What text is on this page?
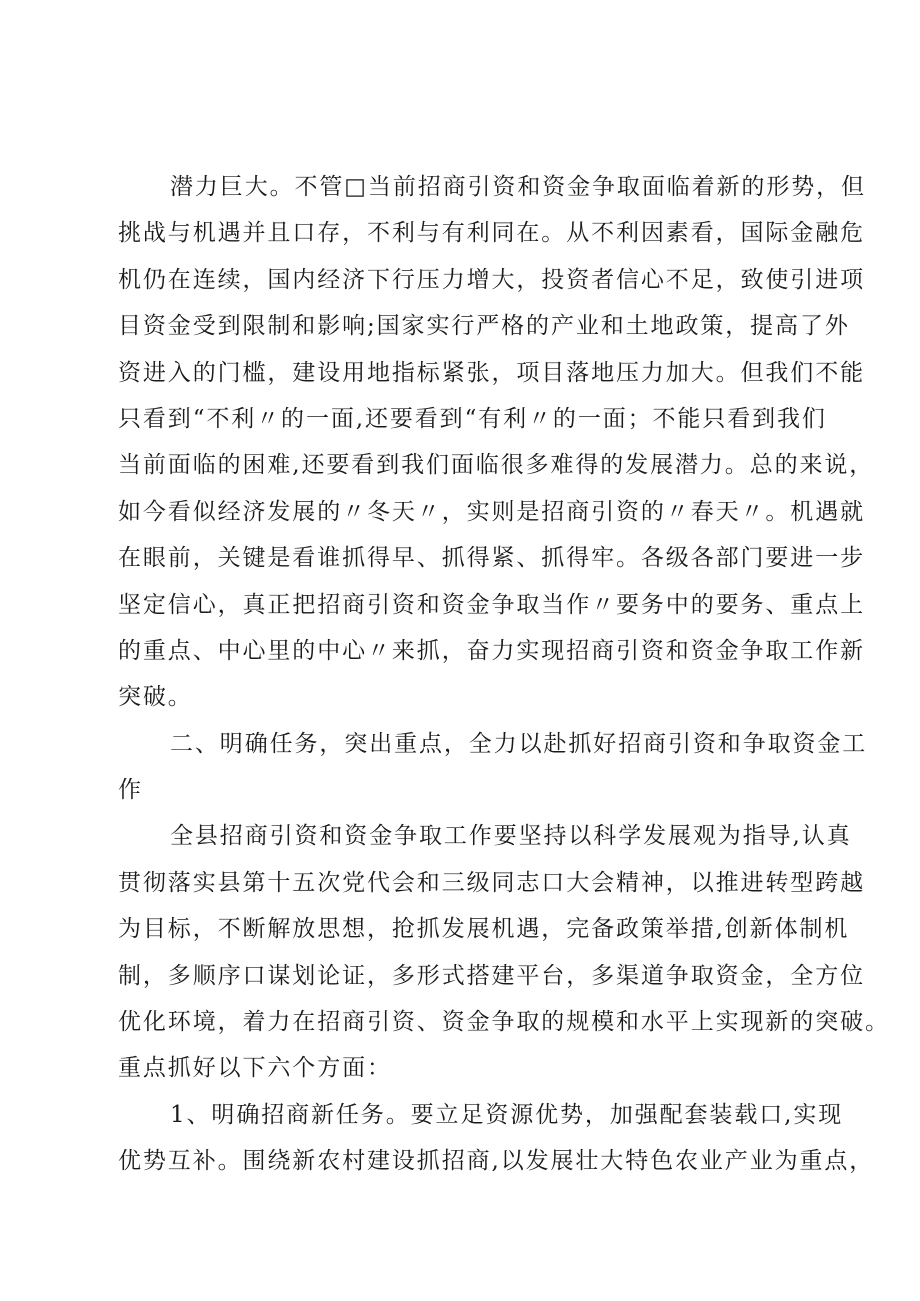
潜力巨大。不管□当前招商引资和资金争取面临着新的形势，但
挑战与机遇并且口存，不利与有利同在。从不利因素看，国际金融危
机仍在连续，国内经济下行压力增大，投资者信心不足，致使引进项
目资金受到限制和影响;国家实行严格的产业和土地政策，提高了外
资进入的门槛，建设用地指标紧张，项目落地压力加大。但我们不能
只看到“不利〃的一面,还要看到“有利〃的一面；不能只看到我们
当前面临的困难,还要看到我们面临很多难得的发展潜力。总的来说，
如今看似经济发展的〃冬天〃，实则是招商引资的〃春天〃。机遇就
在眼前，关键是看谁抓得早、抓得紧、抓得牢。各级各部门要进一步
坚定信心，真正把招商引资和资金争取当作〃要务中的要务、重点上
的重点、中心里的中心〃来抓，奋力实现招商引资和资金争取工作新
突破。
二、明确任务，突出重点，全力以赴抓好招商引资和争取资金工
作
全县招商引资和资金争取工作要坚持以科学发展观为指导,认真
贯彻落实县第十五次党代会和三级同志口大会精神，以推进转型跨越
为目标，不断解放思想，抢抓发展机遇，完备政策举措,创新体制机
制，多顺序口谋划论证，多形式搭建平台，多渠道争取资金，全方位
优化环境，着力在招商引资、资金争取的规模和水平上实现新的突破。
重点抓好以下六个方面：
1、明确招商新任务。要立足资源优势，加强配套装载口,实现
优势互补。围绕新农村建设抓招商,以发展壮大特色农业产业为重点，
